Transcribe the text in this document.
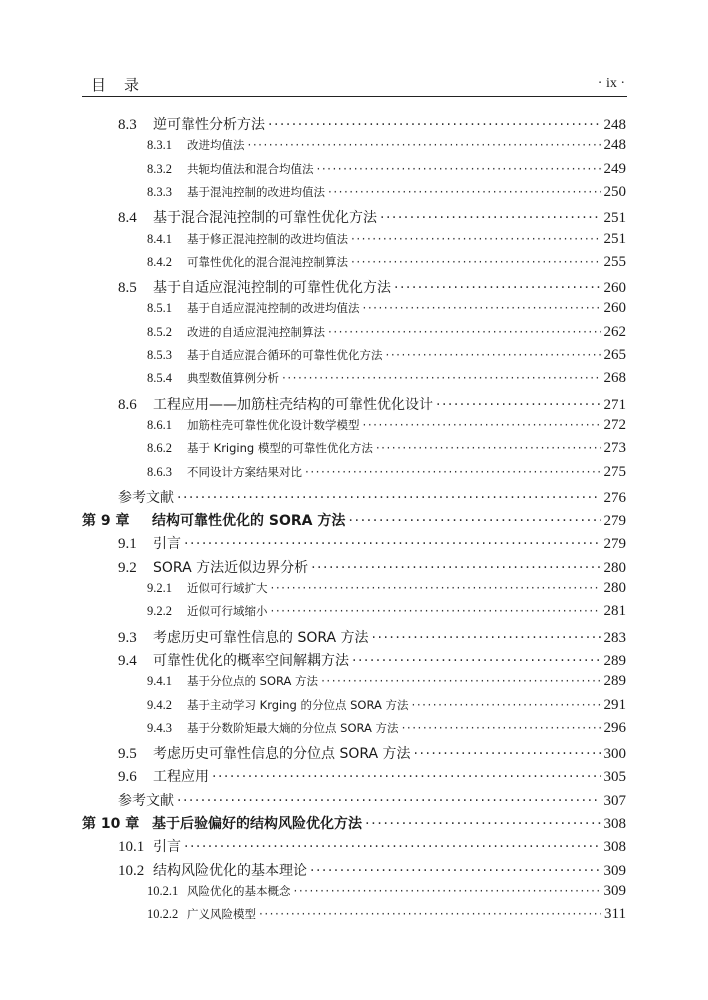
目录	· ix ·
8.3	逆可靠性分析方法 ·····	248
8.3.1	改进均值法 ·····	248
8.3.2	共轭均值法和混合均值法 ·····	249
8.3.3	基于混沌控制的改进均值法 ·····	250
8.4	基于混合混沌控制的可靠性优化方法 ·····	251
8.4.1	基于修正混沌控制的改进均值法 ·····	251
8.4.2	可靠性优化的混合混沌控制算法 ·····	255
8.5	基于自适应混沌控制的可靠性优化方法 ·····	260
8.5.1	基于自适应混沌控制的改进均值法 ·····	260
8.5.2	改进的自适应混沌控制算法 ·····	262
8.5.3	基于自适应混合循环的可靠性优化方法 ·····	265
8.5.4	典型数值算例分析 ·····	268
8.6	工程应用——加筋柱壳结构的可靠性优化设计 ·····	271
8.6.1	加筋柱壳可靠性优化设计数学模型 ·····	272
8.6.2	基于 Kriging 模型的可靠性优化方法 ·····	273
8.6.3	不同设计方案结果对比 ·····	275
参考文献 ·····	276
第 9 章	结构可靠性优化的 SORA 方法 ·····	279
9.1	引言 ·····	279
9.2	SORA 方法近似边界分析 ·····	280
9.2.1	近似可行域扩大 ·····	280
9.2.2	近似可行域缩小 ·····	281
9.3	考虑历史可靠性信息的 SORA 方法 ·····	283
9.4	可靠性优化的概率空间解耦方法 ·····	289
9.4.1	基于分位点的 SORA 方法 ·····	289
9.4.2	基于主动学习 Krging 的分位点 SORA 方法 ·····	291
9.4.3	基于分数阶矩最大熵的分位点 SORA 方法 ·····	296
9.5	考虑历史可靠性信息的分位点 SORA 方法 ·····	300
9.6	工程应用 ·····	305
参考文献 ·····	307
第 10 章 基于后验偏好的结构风险优化方法 ·····	308
10.1 引言 ·····	308
10.2 结构风险优化的基本理论 ·····	309
10.2.1 风险优化的基本概念 ·····	309
10.2.2 广义风险模型 ·····	311
